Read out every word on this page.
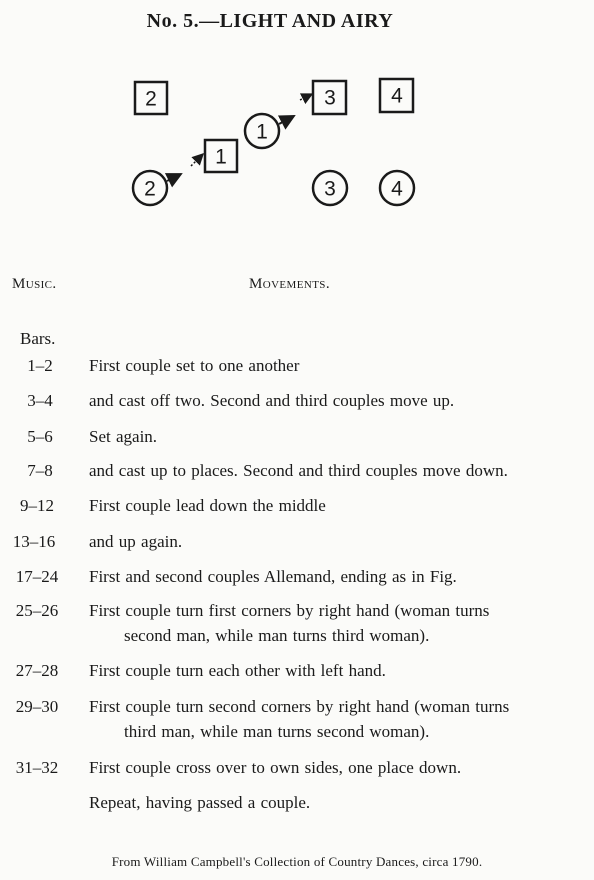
No. 5.—LIGHT AND AIRY
2
1
3	4
1
2	3	4
Music.	Movements.
Bars.
1–2	First couple set to one another
3–4	and cast off two. Second and third couples move up.
5–6	Set again.
7–8	and cast up to places. Second and third couples move down.
9–12	First couple lead down the middle
13–16	and up again.
17–24	First and second couples Allemand, ending as in Fig.
25–26	First couple turn first corners by right hand (woman turns
second man, while man turns third woman).
27–28	First couple turn each other with left hand.
29–30	First couple turn second corners by right hand (woman turns
third man, while man turns second woman).
31–32	First couple cross over to own sides, one place down.
Repeat, having passed a couple.
From William Campbell's Collection of Country Dances, circa 1790.
